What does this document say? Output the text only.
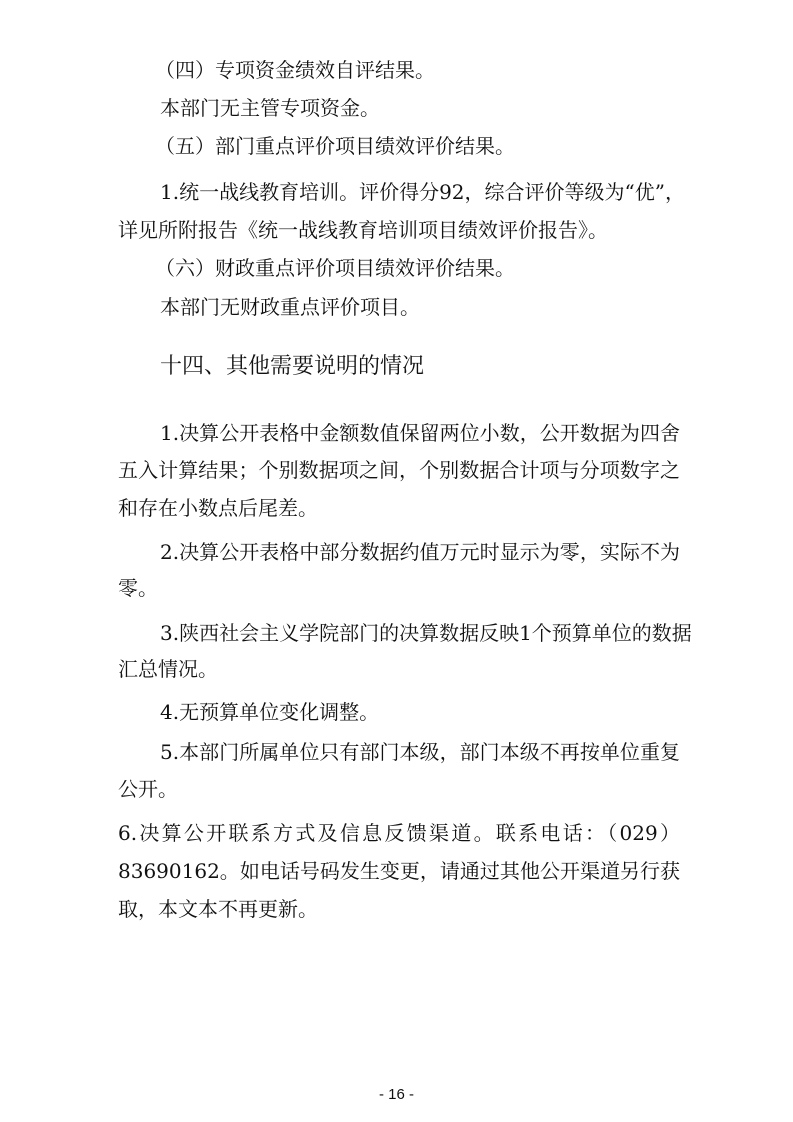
（四）专项资金绩效自评结果。
本部门无主管专项资金。
（五）部门重点评价项目绩效评价结果。
1.统一战线教育培训。评价得分92，综合评价等级为“优”，
详见所附报告《统一战线教育培训项目绩效评价报告》。
（六）财政重点评价项目绩效评价结果。
本部门无财政重点评价项目。
十四、其他需要说明的情况
1.决算公开表格中金额数值保留两位小数，公开数据为四舍
五入计算结果；个别数据项之间，个别数据合计项与分项数字之
和存在小数点后尾差。
2.决算公开表格中部分数据约值万元时显示为零，实际不为
零。
3.陕西社会主义学院部门的决算数据反映1个预算单位的数据
汇总情况。
4.无预算单位变化调整。
5.本部门所属单位只有部门本级，部门本级不再按单位重复
公开。
6.决算公开联系方式及信息反馈渠道。联系电话：（029）
83690162。如电话号码发生变更，请通过其他公开渠道另行获
取，本文本不再更新。
- 16 -
